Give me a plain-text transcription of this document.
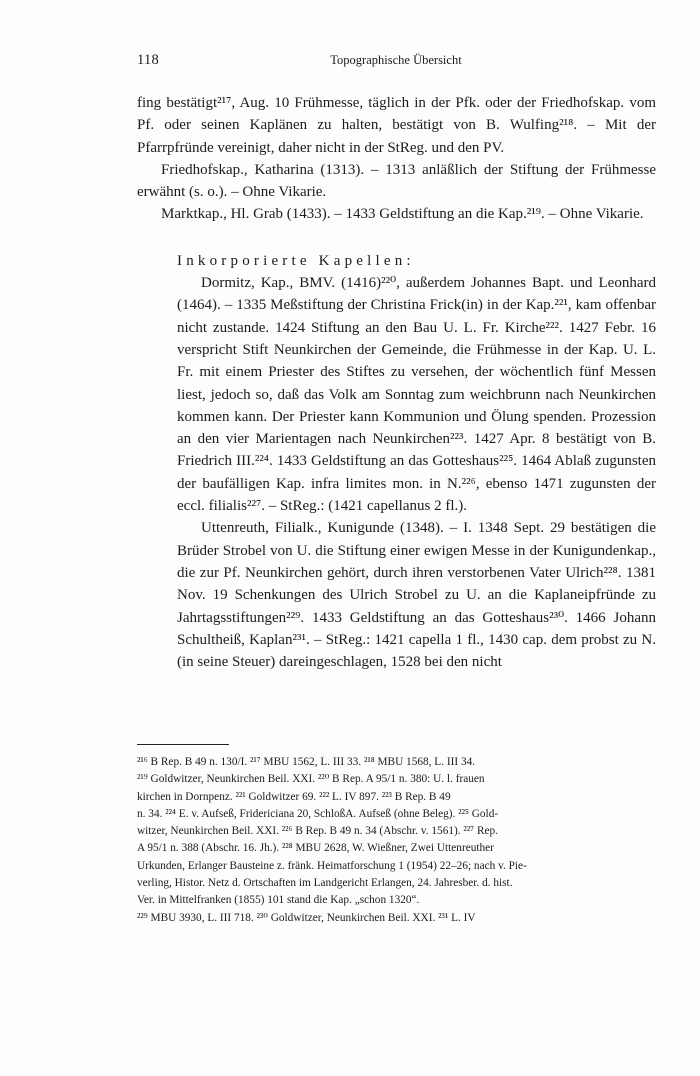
118	Topographische Übersicht

fing bestätigt²¹⁷, Aug. 10 Frühmesse, täglich in der Pfk. oder der Friedhofskap. vom Pf. oder seinen Kaplänen zu halten, bestätigt von B. Wulfing²¹⁸. – Mit der Pfarrpfründe vereinigt, daher nicht in der StReg. und den PV.

Friedhofskap., Katharina (1313). – 1313 anläßlich der Stiftung der Frühmesse erwähnt (s. o.). – Ohne Vikarie.

Marktkap., Hl. Grab (1433). – 1433 Geldstiftung an die Kap.²¹⁹. – Ohne Vikarie.

Inkorporierte Kapellen:

Dormitz, Kap., BMV. (1416)²²⁰, außerdem Johannes Bapt. und Leonhard (1464). – 1335 Meßstiftung der Christina Frick(in) in der Kap.²²¹, kam offenbar nicht zustande. 1424 Stiftung an den Bau U. L. Fr. Kirche²²². 1427 Febr. 16 verspricht Stift Neunkirchen der Gemeinde, die Frühmesse in der Kap. U. L. Fr. mit einem Priester des Stiftes zu versehen, der wöchentlich fünf Messen liest, jedoch so, daß das Volk am Sonntag zum weichbrunn nach Neunkirchen kommen kann. Der Priester kann Kommunion und Ölung spenden. Prozession an den vier Marientagen nach Neunkirchen²²³. 1427 Apr. 8 bestätigt von B. Friedrich III.²²⁴. 1433 Geldstiftung an das Gotteshaus²²⁵. 1464 Ablaß zugunsten der baufälligen Kap. infra limites mon. in N.²²⁶, ebenso 1471 zugunsten der eccl. filialis²²⁷. – StReg.: (1421 capellanus 2 fl.).

Uttenreuth, Filialk., Kunigunde (1348). – I. 1348 Sept. 29 bestätigen die Brüder Strobel von U. die Stiftung einer ewigen Messe in der Kunigundenkap., die zur Pf. Neunkirchen gehört, durch ihren verstorbenen Vater Ulrich²²⁸. 1381 Nov. 19 Schenkungen des Ulrich Strobel zu U. an die Kaplaneipfründe zu Jahrtagsstiftungen²²⁹. 1433 Geldstiftung an das Gotteshaus²³⁰. 1466 Johann Schultheiß, Kaplan²³¹. – StReg.: 1421 capella 1 fl., 1430 cap. dem probst zu N. (in seine Steuer) dareingeschlagen, 1528 bei den nicht

²¹⁶ B Rep. B 49 n. 130/I. ²¹⁷ MBU 1562, L. III 33. ²¹⁸ MBU 1568, L. III 34.

²¹⁹ Goldwitzer, Neunkirchen Beil. XXI. ²²⁰ B Rep. A 95/1 n. 380: U. l. frauen

kirchen in Dornpenz. ²²¹ Goldwitzer 69. ²²² L. IV 897. ²²³ B Rep. B 49

n. 34. ²²⁴ E. v. Aufseß, Fridericiana 20, SchloßA. Aufseß (ohne Beleg). ²²⁵ Gold-

witzer, Neunkirchen Beil. XXI. ²²⁶ B Rep. B 49 n. 34 (Abschr. v. 1561). ²²⁷ Rep.

A 95/1 n. 388 (Abschr. 16. Jh.). ²²⁸ MBU 2628, W. Wießner, Zwei Uttenreuther

Urkunden, Erlanger Bausteine z. fränk. Heimatforschung 1 (1954) 22–26; nach v. Pie-

verling, Histor. Netz d. Ortschaften im Landgericht Erlangen, 24. Jahresber. d. hist.

Ver. in Mittelfranken (1855) 101 stand die Kap. „schon 1320“.

²²⁹ MBU 3930, L. III 718. ²³⁰ Goldwitzer, Neunkirchen Beil. XXI. ²³¹ L. IV
